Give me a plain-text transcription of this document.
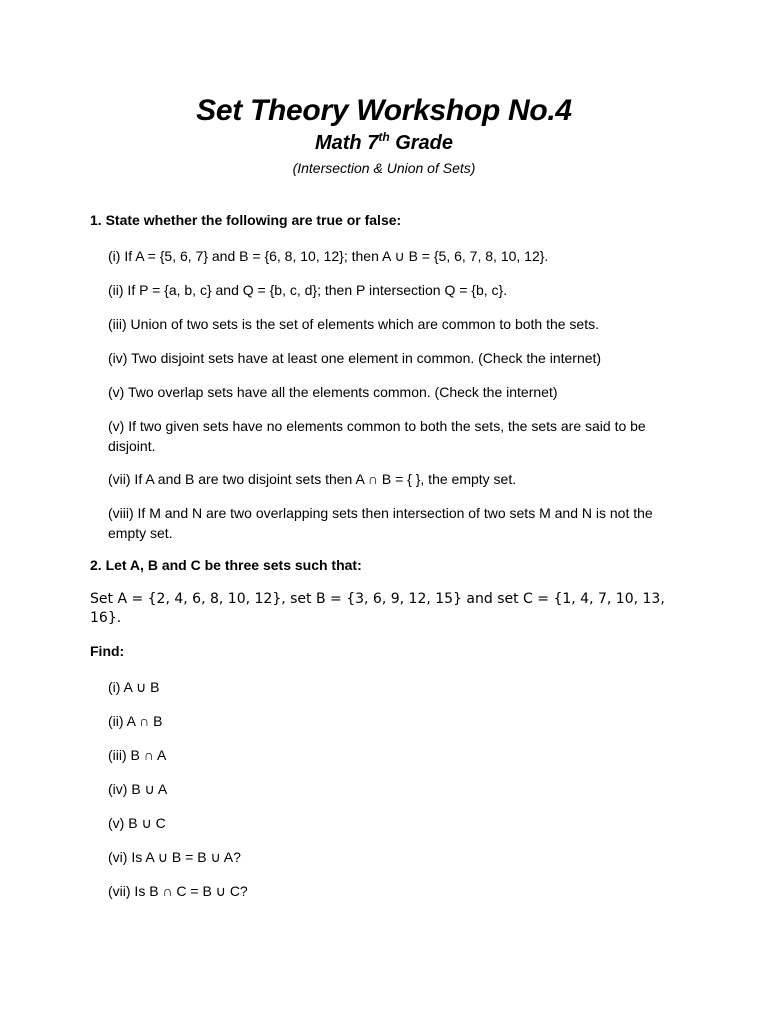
Set Theory Workshop No.4
Math 7th Grade
(Intersection & Union of Sets)
1. State whether the following are true or false:
(i) If A = {5, 6, 7} and B = {6, 8, 10, 12}; then A ∪ B = {5, 6, 7, 8, 10, 12}.
(ii) If P = {a, b, c} and Q = {b, c, d}; then P intersection Q = {b, c}.
(iii) Union of two sets is the set of elements which are common to both the sets.
(iv) Two disjoint sets have at least one element in common. (Check the internet)
(v) Two overlap sets have all the elements common. (Check the internet)
(v) If two given sets have no elements common to both the sets, the sets are said to be disjoint.
(vii) If A and B are two disjoint sets then A ∩ B = { }, the empty set.
(viii) If M and N are two overlapping sets then intersection of two sets M and N is not the empty set.
2. Let A, B and C be three sets such that:
Set A = {2, 4, 6, 8, 10, 12}, set B = {3, 6, 9, 12, 15} and set C = {1, 4, 7, 10, 13, 16}.
Find:
(i) A ∪ B
(ii) A ∩ B
(iii) B ∩ A
(iv) B ∪ A
(v) B ∪ C
(vi) Is A ∪ B = B ∪ A?
(vii) Is B ∩ C = B ∪ C?
